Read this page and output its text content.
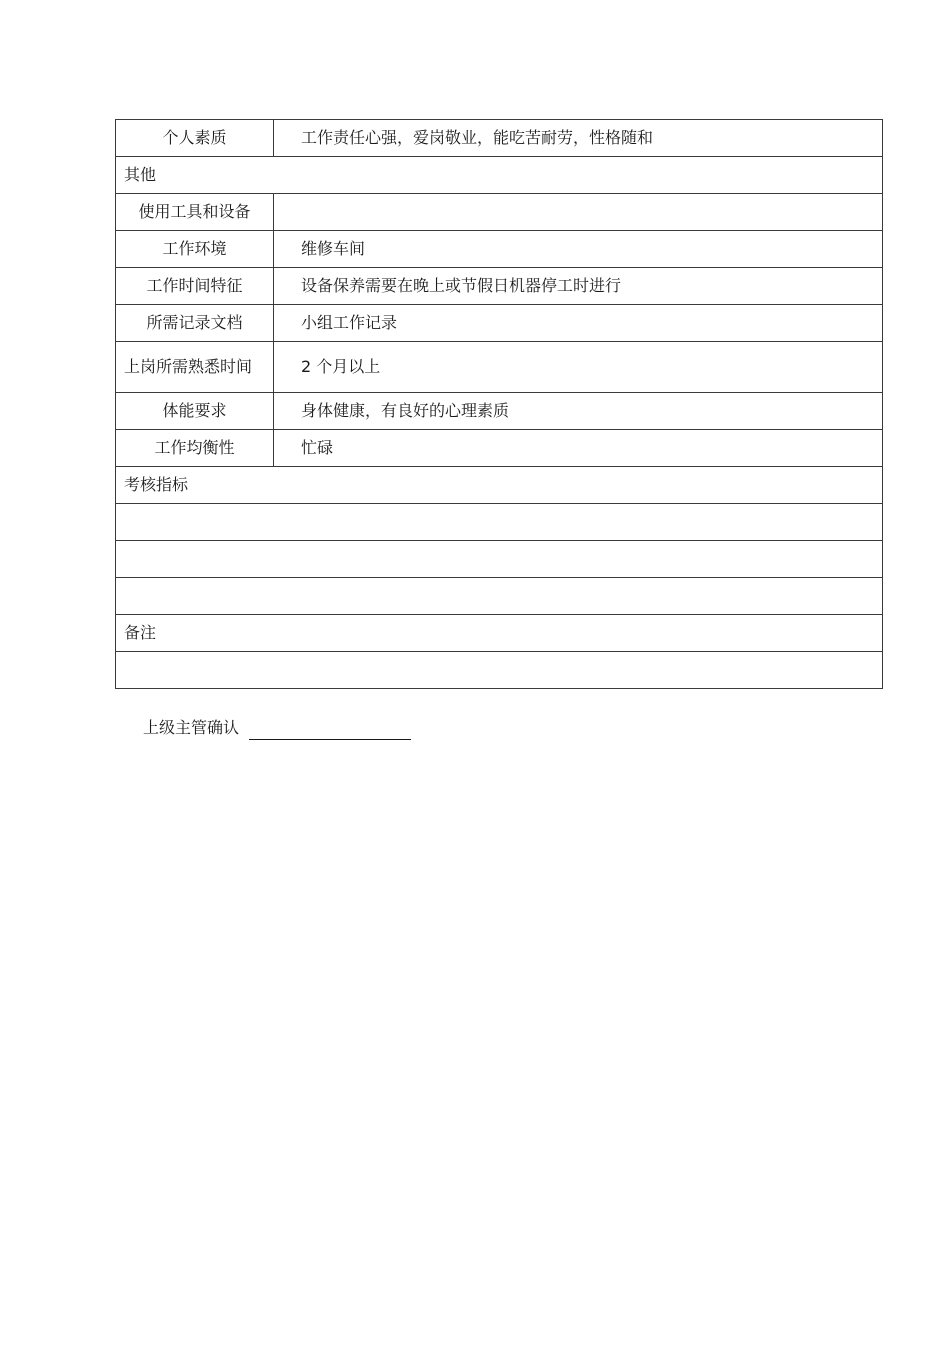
个人素质	工作责任心强，爱岗敬业，能吃苦耐劳，性格随和
其他	
使用工具和设备	
工作环境	维修车间
工作时间特征	设备保养需要在晚上或节假日机器停工时进行
所需记录文档	小组工作记录
上岗所需熟悉时间	2 个月以上
体能要求	身体健康，有良好的心理素质
工作均衡性	忙碌
考核指标	

备注	

上级主管确认
